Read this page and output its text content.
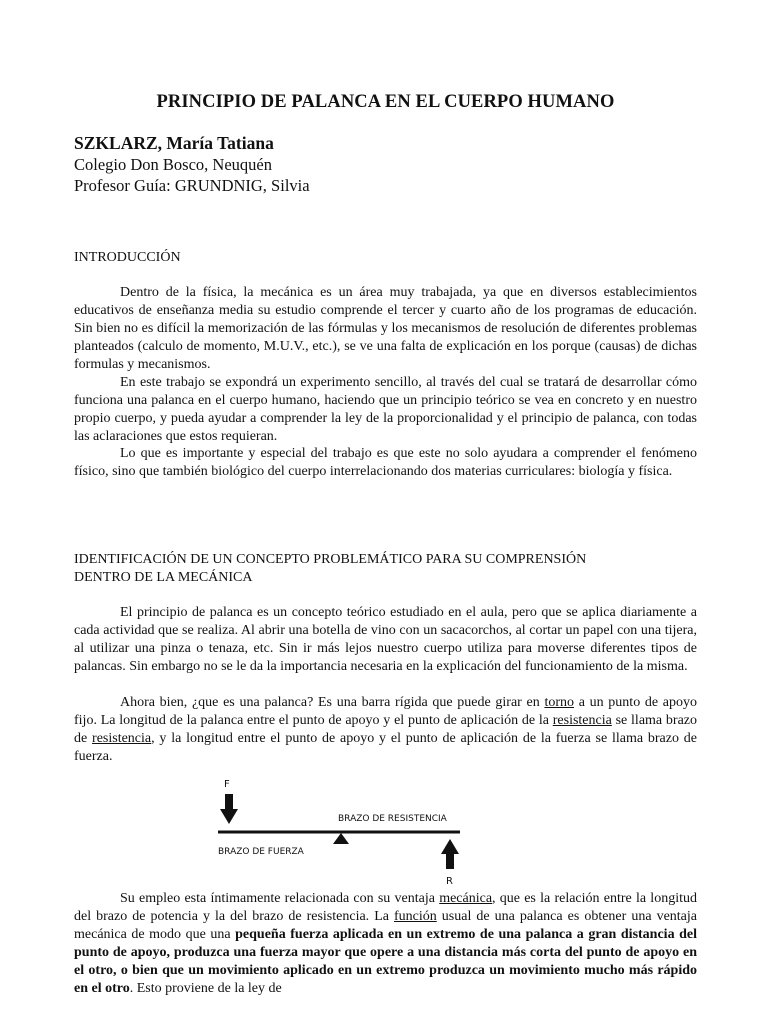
PRINCIPIO DE PALANCA EN EL CUERPO HUMANO
SZKLARZ, María Tatiana
Colegio Don Bosco, Neuquén
Profesor Guía: GRUNDNIG, Silvia
INTRODUCCIÓN

Dentro de la física, la mecánica es un área muy trabajada, ya que en diversos establecimientos educativos de enseñanza media su estudio comprende el tercer y cuarto año de los programas de educación. Sin bien no es difícil la memorización de las fórmulas y los mecanismos de resolución de diferentes problemas planteados (calculo de momento, M.U.V., etc.), se ve una falta de explicación en los porque (causas) de dichas formulas y mecanismos.

En este trabajo se expondrá un experimento sencillo, al través del cual se tratará de desarrollar cómo funciona una palanca en el cuerpo humano, haciendo que un principio teórico se vea en concreto y en nuestro propio cuerpo, y pueda ayudar a comprender la ley de la proporcionalidad y el principio de palanca, con todas las aclaraciones que estos requieran.

Lo que es importante y especial del trabajo es que este no solo ayudara a comprender el fenómeno físico, sino que también biológico del cuerpo interrelacionando dos materias curriculares: biología y física.

IDENTIFICACIÓN DE UN CONCEPTO PROBLEMÁTICO PARA SU COMPRENSIÓN
DENTRO DE LA MECÁNICA

El principio de palanca es un concepto teórico estudiado en el aula, pero que se aplica diariamente a cada actividad que se realiza. Al abrir una botella de vino con un sacacorchos, al cortar un papel con una tijera, al utilizar una pinza o tenaza, etc. Sin ir más lejos nuestro cuerpo utiliza para moverse diferentes tipos de palancas. Sin embargo no se le da la importancia necesaria en la explicación del funcionamiento de la misma.

Ahora bien, ¿que es una palanca? Es una barra rígida que puede girar en torno a un punto de apoyo fijo. La longitud de la palanca entre el punto de apoyo y el punto de aplicación de la resistencia se llama brazo de resistencia, y la longitud entre el punto de apoyo y el punto de aplicación de la fuerza se llama brazo de fuerza.

Su empleo esta íntimamente relacionada con su ventaja mecánica, que es la relación entre la longitud del brazo de potencia y la del brazo de resistencia. La función usual de una palanca es obtener una ventaja mecánica de modo que una pequeña fuerza aplicada en un extremo de una palanca a gran distancia del punto de apoyo, produzca una fuerza mayor que opere a una distancia más corta del punto de apoyo en el otro, o bien que un movimiento aplicado en un extremo produzca un movimiento mucho más rápido en el otro. Esto proviene de la ley de

F
BRAZO DE RESISTENCIA
BRAZO DE FUERZA
R
